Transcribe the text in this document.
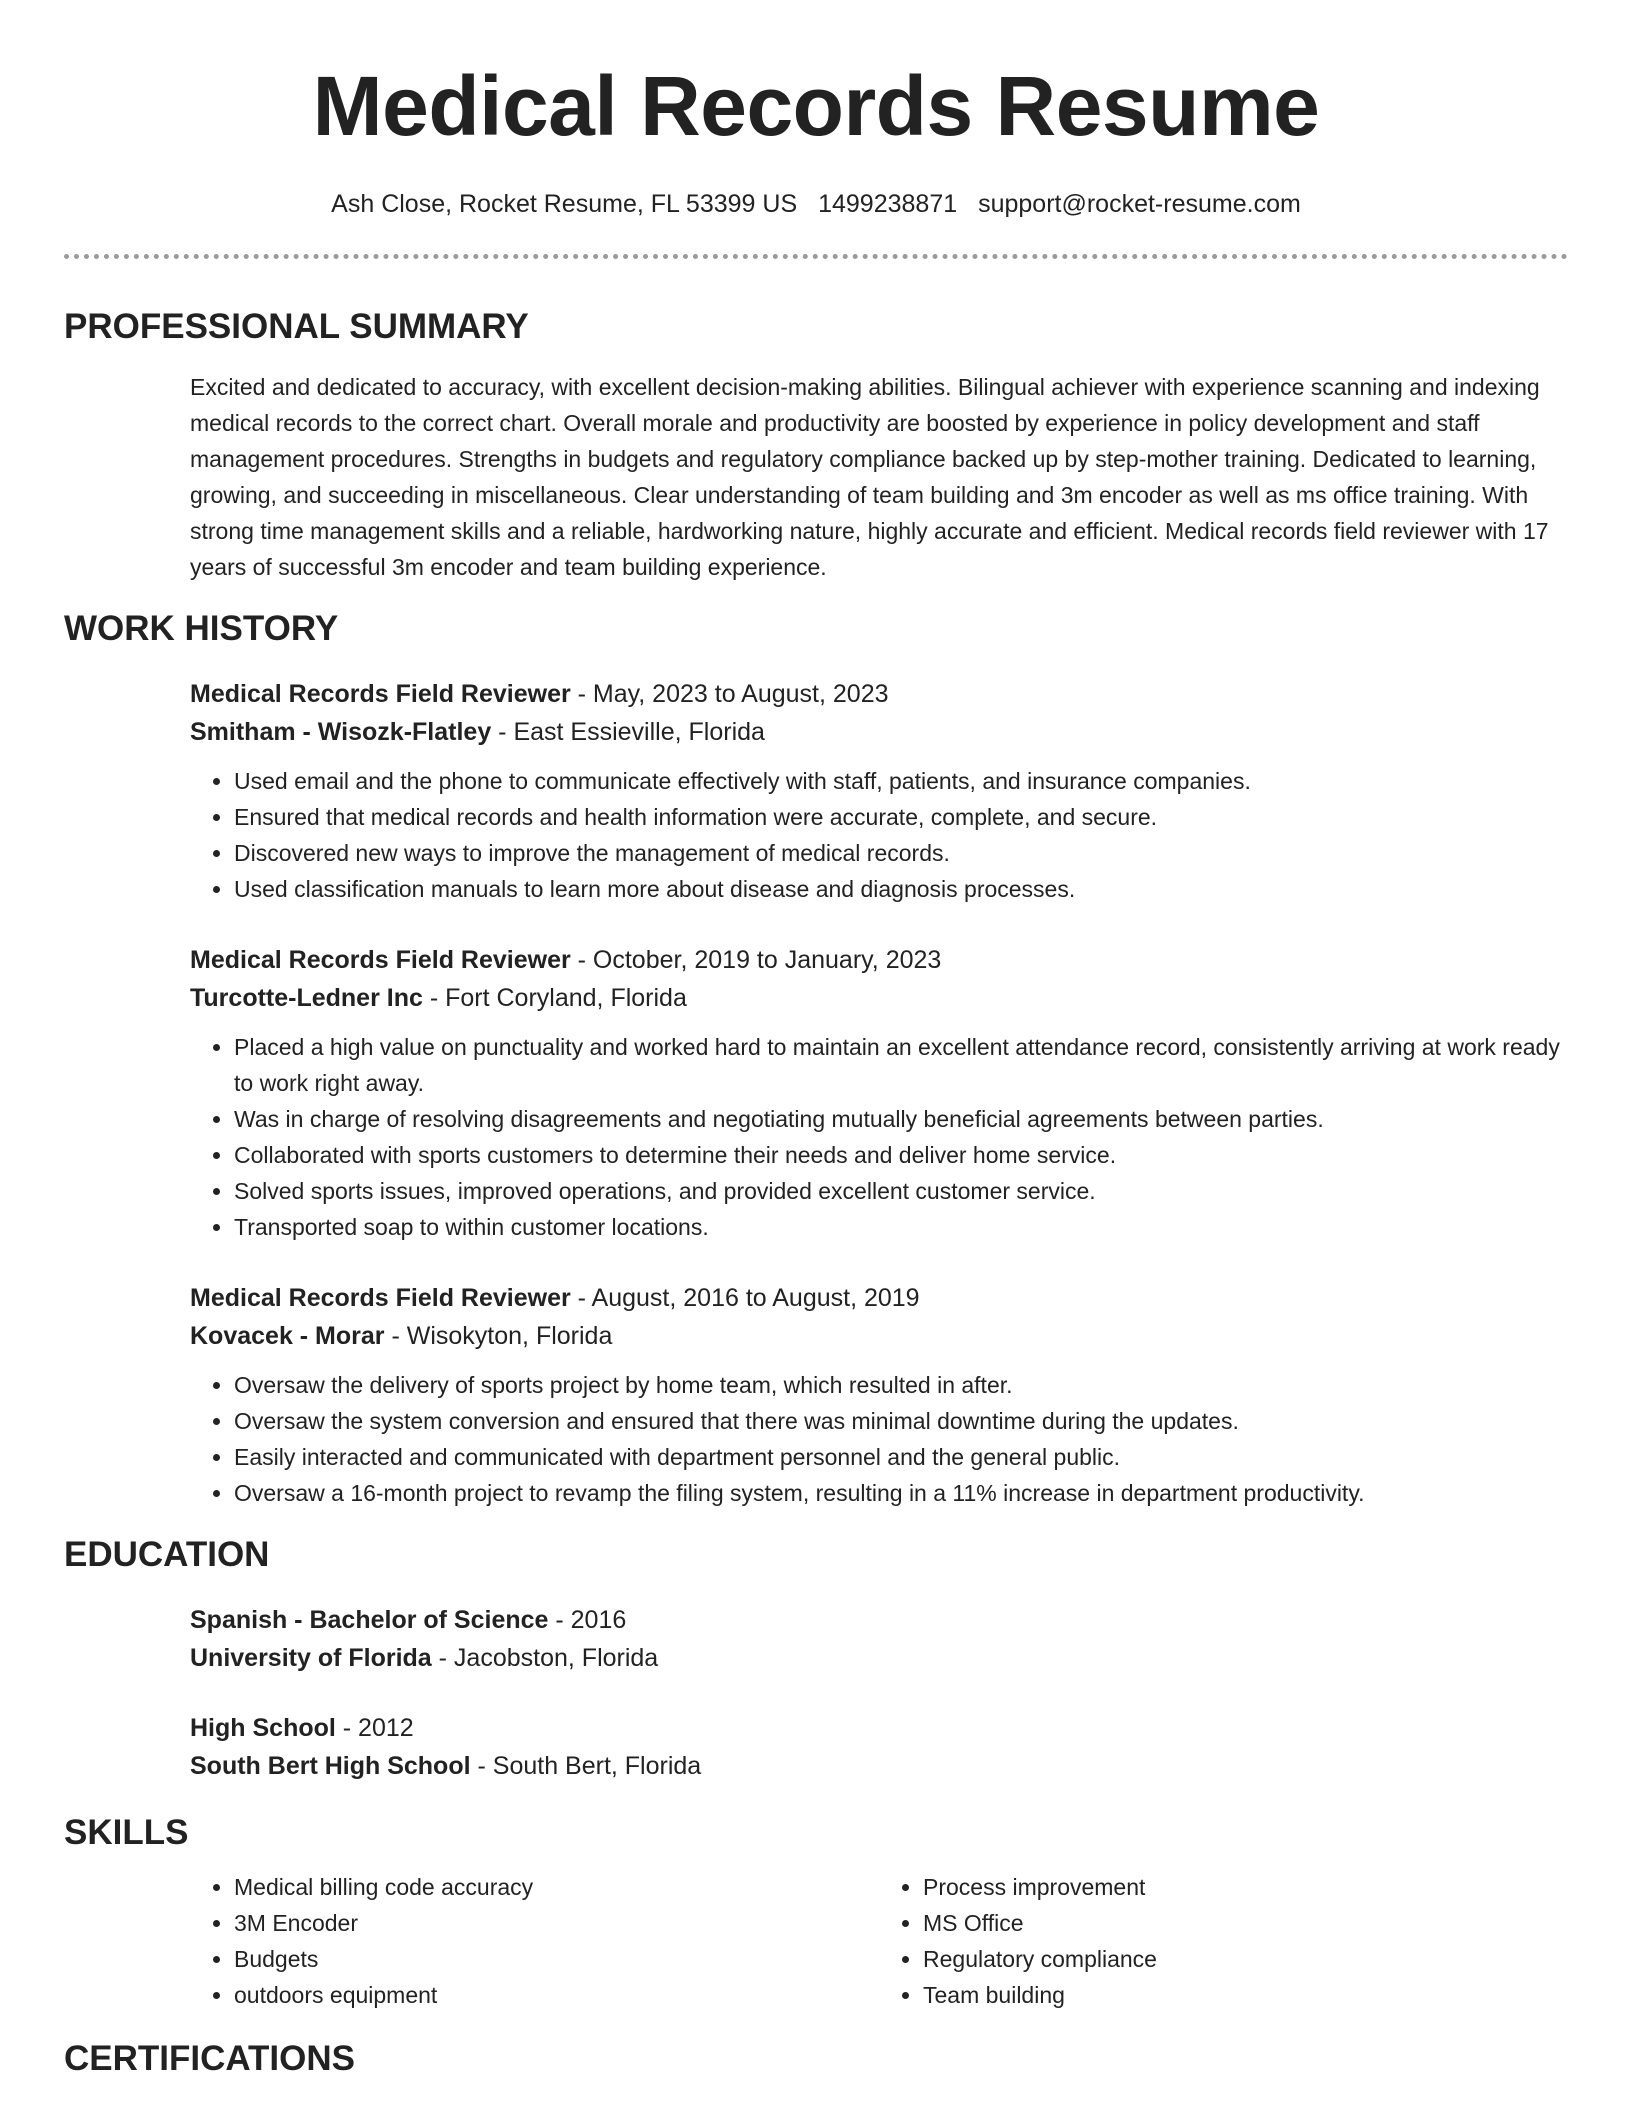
Medical Records Resume
Ash Close, Rocket Resume, FL 53399 US 1499238871 support@rocket-resume.com
PROFESSIONAL SUMMARY
Excited and dedicated to accuracy, with excellent decision-making abilities. Bilingual achiever with experience scanning and indexing medical records to the correct chart. Overall morale and productivity are boosted by experience in policy development and staff management procedures. Strengths in budgets and regulatory compliance backed up by step-mother training. Dedicated to learning, growing, and succeeding in miscellaneous. Clear understanding of team building and 3m encoder as well as ms office training. With strong time management skills and a reliable, hardworking nature, highly accurate and efficient. Medical records field reviewer with 17 years of successful 3m encoder and team building experience.
WORK HISTORY
Medical Records Field Reviewer - May, 2023 to August, 2023
Smitham - Wisozk-Flatley - East Essieville, Florida
• Used email and the phone to communicate effectively with staff, patients, and insurance companies.
• Ensured that medical records and health information were accurate, complete, and secure.
• Discovered new ways to improve the management of medical records.
• Used classification manuals to learn more about disease and diagnosis processes.
Medical Records Field Reviewer - October, 2019 to January, 2023
Turcotte-Ledner Inc - Fort Coryland, Florida
• Placed a high value on punctuality and worked hard to maintain an excellent attendance record, consistently arriving at work ready to work right away.
• Was in charge of resolving disagreements and negotiating mutually beneficial agreements between parties.
• Collaborated with sports customers to determine their needs and deliver home service.
• Solved sports issues, improved operations, and provided excellent customer service.
• Transported soap to within customer locations.
Medical Records Field Reviewer - August, 2016 to August, 2019
Kovacek - Morar - Wisokyton, Florida
• Oversaw the delivery of sports project by home team, which resulted in after.
• Oversaw the system conversion and ensured that there was minimal downtime during the updates.
• Easily interacted and communicated with department personnel and the general public.
• Oversaw a 16-month project to revamp the filing system, resulting in a 11% increase in department productivity.
EDUCATION
Spanish - Bachelor of Science - 2016
University of Florida - Jacobston, Florida
High School - 2012
South Bert High School - South Bert, Florida
SKILLS
• Medical billing code accuracy
• 3M Encoder
• Budgets
• outdoors equipment
• Process improvement
• MS Office
• Regulatory compliance
• Team building
CERTIFICATIONS
